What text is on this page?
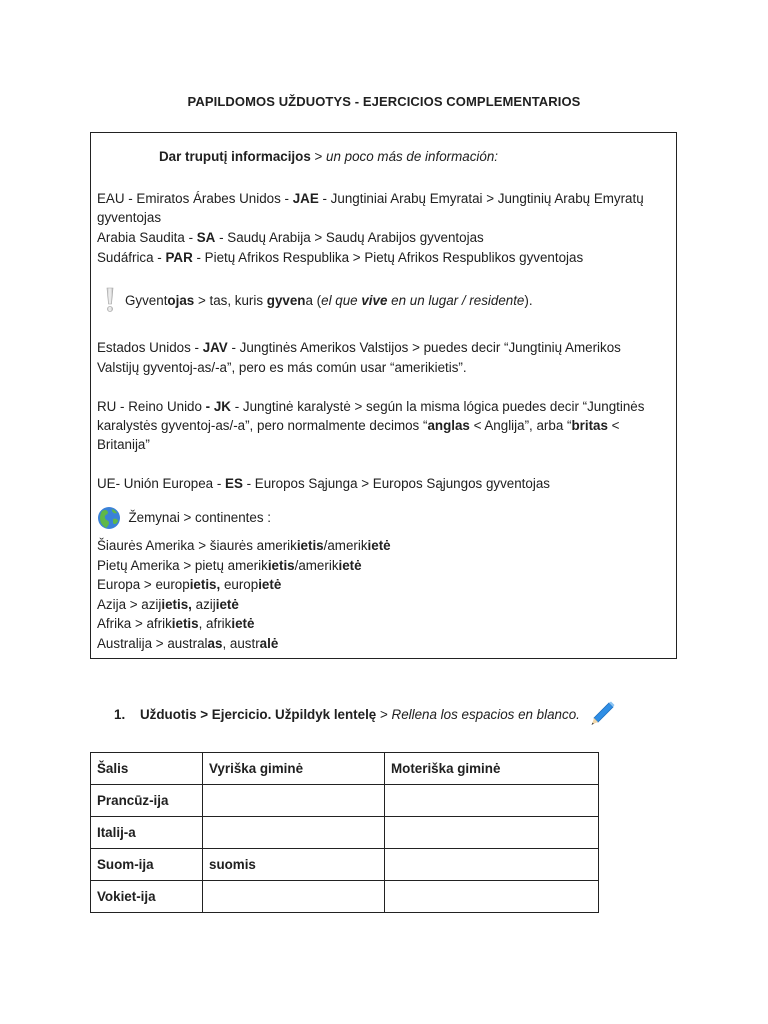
PAPILDOMOS UŽDUOTYS - EJERCICIOS COMPLEMENTARIOS
Dar truputį informacijos > un poco más de información:
EAU - Emiratos Árabes Unidos - JAE - Jungtiniai Arabų Emyratai > Jungtinių Arabų Emyratų
gyventojas
Arabia Saudita - SA - Saudų Arabija > Saudų Arabijos gyventojas
Sudáfrica - PAR - Pietų Afrikos Respublika > Pietų Afrikos Respublikos gyventojas
Gyventojas > tas, kuris gyvena (el que vive en un lugar / residente).
Estados Unidos - JAV - Jungtinės Amerikos Valstijos > puedes decir “Jungtinių Amerikos
Valstijų gyventoj-as/-a”, pero es más común usar “amerikietis”.
RU - Reino Unido - JK - Jungtinė karalystė > según la misma lógica puedes decir “Jungtinės
karalystės gyventoj-as/-a”, pero normalmente decimos “anglas < Anglija”, arba “britas <
Britanija”
UE- Unión Europea - ES - Europos Sąjunga > Europos Sąjungos gyventojas
Žemynai > continentes :
Šiaurės Amerika > šiaurės amerikietis/amerikietė
Pietų Amerika > pietų amerikietis/amerikietė
Europa > europietis, europietė
Azija > azijietis, azijietė
Afrika > afrikietis, afrikietė
Australija > australas, australė
1. Užduotis > Ejercicio. Užpildyk lentelę > Rellena los espacios en blanco.
Šalis	Vyriška giminė	Moteriška giminė
Prancūz-ija		
Italij-a		
Suom-ija	suomis	
Vokiet-ija		
